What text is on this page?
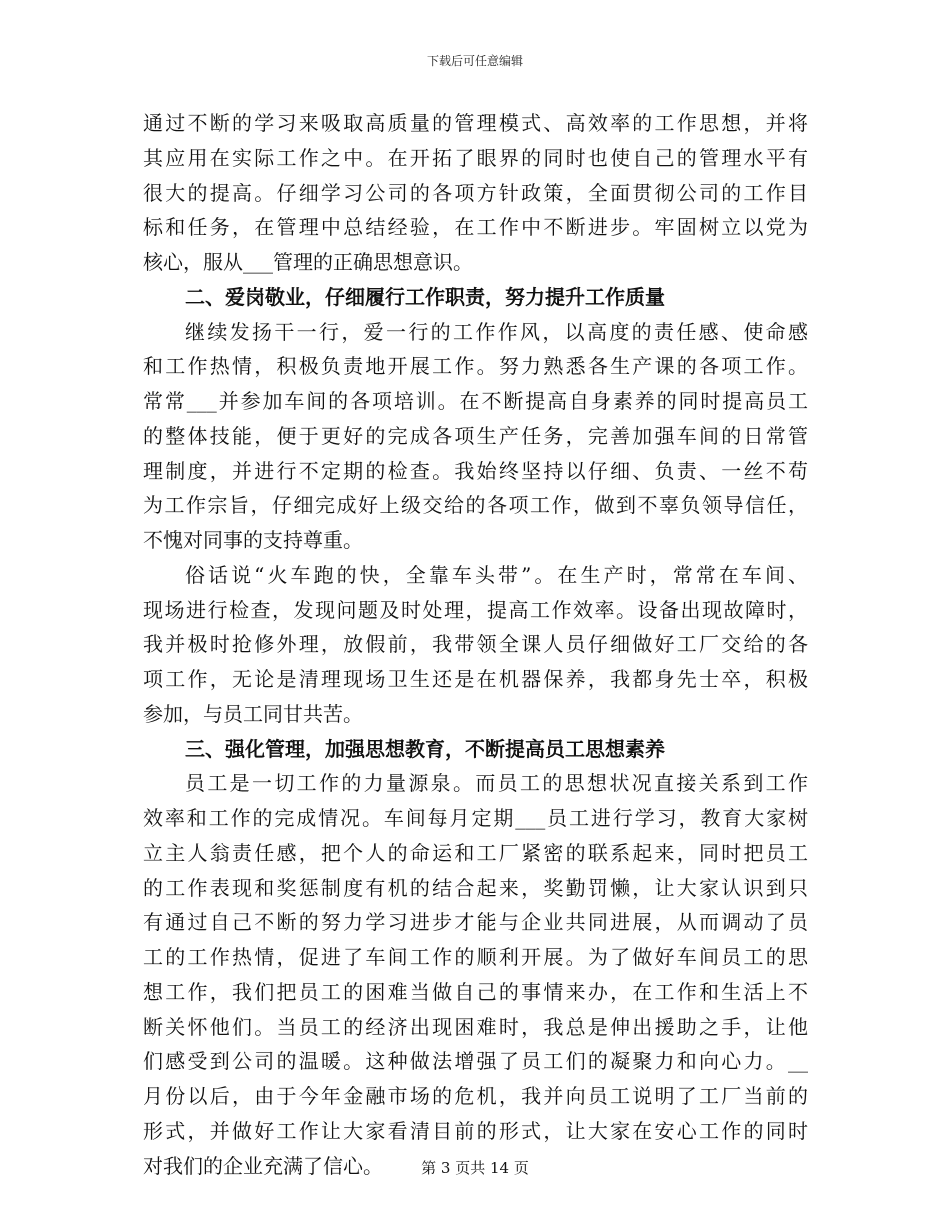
下载后可任意编辑
通过不断的学习来吸取高质量的管理模式、高效率的工作思想，并将
其应用在实际工作之中。在开拓了眼界的同时也使自己的管理水平有
很大的提高。仔细学习公司的各项方针政策，全面贯彻公司的工作目
标和任务，在管理中总结经验，在工作中不断进步。牢固树立以党为
核心，服从___管理的正确思想意识。
二、爱岗敬业，仔细履行工作职责，努力提升工作质量
继续发扬干一行，爱一行的工作作风，以高度的责任感、使命感
和工作热情，积极负责地开展工作。努力熟悉各生产课的各项工作。
常常___并参加车间的各项培训。在不断提高自身素养的同时提高员工
的整体技能，便于更好的完成各项生产任务，完善加强车间的日常管
理制度，并进行不定期的检查。我始终坚持以仔细、负责、一丝不苟
为工作宗旨，仔细完成好上级交给的各项工作，做到不辜负领导信任，
不愧对同事的支持尊重。
俗话说“火车跑的快，全靠车头带”。在生产时，常常在车间、
现场进行检查，发现问题及时处理，提高工作效率。设备出现故障时，
我并极时抢修外理，放假前，我带领全课人员仔细做好工厂交给的各
项工作，无论是清理现场卫生还是在机器保养，我都身先士卒，积极
参加，与员工同甘共苦。
三、强化管理，加强思想教育，不断提高员工思想素养
员工是一切工作的力量源泉。而员工的思想状况直接关系到工作
效率和工作的完成情况。车间每月定期___员工进行学习，教育大家树
立主人翁责任感，把个人的命运和工厂紧密的联系起来，同时把员工
的工作表现和奖惩制度有机的结合起来，奖勤罚懒，让大家认识到只
有通过自己不断的努力学习进步才能与企业共同进展，从而调动了员
工的工作热情，促进了车间工作的顺利开展。为了做好车间员工的思
想工作，我们把员工的困难当做自己的事情来办，在工作和生活上不
断关怀他们。当员工的经济出现困难时，我总是伸出援助之手，让他
们感受到公司的温暖。这种做法增强了员工们的凝聚力和向心力。__
月份以后，由于今年金融市场的危机，我并向员工说明了工厂当前的
形式，并做好工作让大家看清目前的形式，让大家在安心工作的同时
对我们的企业充满了信心。	第 3 页共 14 页
